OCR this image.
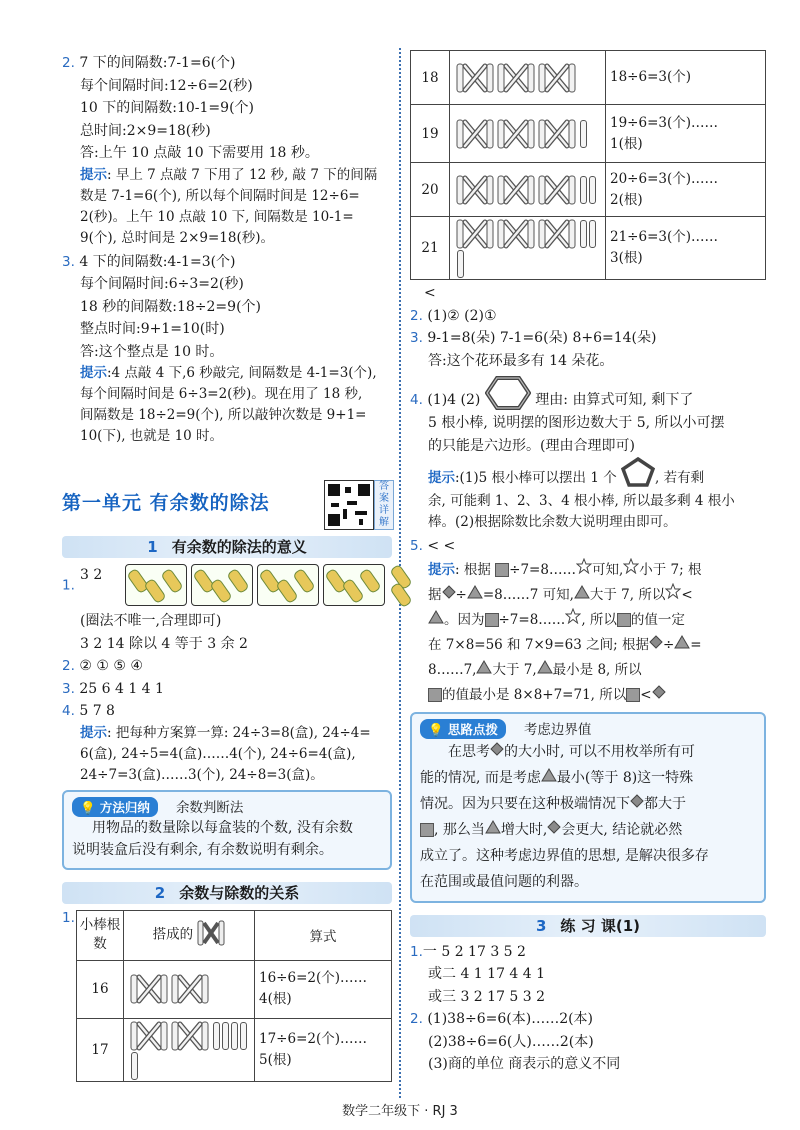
2. 7 下的间隔数:7-1=6(个)
每个间隔时间:12÷6=2(秒)
10 下的间隔数:10-1=9(个)
总时间:2×9=18(秒)
答:上午 10 点敲 10 下需要用 18 秒。
提示: 早上 7 点敲 7 下用了 12 秒, 敲 7 下的间隔
数是 7-1=6(个), 所以每个间隔时间是 12÷6=
2(秒)。上午 10 点敲 10 下, 间隔数是 10-1=
9(个), 总时间是 2×9=18(秒)。
3. 4 下的间隔数:4-1=3(个)
每个间隔时间:6÷3=2(秒)
18 秒的间隔数:18÷2=9(个)
整点时间:9+1=10(时)
答:这个整点是 10 时。
提示:4 点敲 4 下,6 秒敲完, 间隔数是 4-1=3(个),
每个间隔时间是 6÷3=2(秒)。现在用了 18 秒,
间隔数是 18÷2=9(个), 所以敲钟次数是 9+1=
10(下), 也就是 10 时。
第一单元 有余数的除法
答案详解
1 有余数的除法的意义
1. 3 2
(圈法不唯一,合理即可)
3 2 14 除以 4 等于 3 余 2
2. ② ① ⑤ ④
3. 25 6 4 1 4 1
4. 5 7 8
提示: 把每种方案算一算: 24÷3=8(盒), 24÷4=
6(盒), 24÷5=4(盒)……4(个), 24÷6=4(盒),
24÷7=3(盒)……3(个), 24÷8=3(盒)。
💡 方法归纳 余数判断法
用物品的数量除以每盒装的个数, 没有余数
说明装盒后没有剩余, 有余数说明有剩余。
2 余数与除数的关系
1. 小棒根数	搭成的	算式
16		16÷6=2(个)……
4(根)

17		17÷6=2(个)……
5(根)
18		18÷6=3(个)

19		19÷6=3(个)……
1(根)

20		20÷6=3(个)……
2(根)

21		21÷6=3(个)……
3(根)
<
2. (1)② (2)①
3. 9-1=8(朵) 7-1=6(朵) 8+6=14(朵)
答:这个花环最多有 14 朵花。
4. (1)4 (2)	理由: 由算式可知, 剩下了
5 根小棒, 说明摆的图形边数大于 5, 所以小可摆
的只能是六边形。(理由合理即可)
提示:(1)5 根小棒可以摆出 1 个	, 若有剩
余, 可能剩 1、2、3、4 根小棒, 所以最多剩 4 根小
棒。(2)根据除数比余数大说明理由即可。
5. < <
提示: 根据 ÷7=8…… 可知, 小于 7; 根
据 ÷ =8……7 可知, 大于 7, 所以 <
。因为 ÷7=8…… , 所以 的值一定
在 7×8=56 和 7×9=63 之间; 根据 ÷ =
8……7, 大于 7, 最小是 8, 所以
的值最小是 8×8+7=71, 所以 <
💡 思路点拨 考虑边界值
在思考 的大小时, 可以不用枚举所有可
能的情况, 而是考虑 最小(等于 8)这一特殊
情况。因为只要在这种极端情况下 都大于
, 那么当 增大时, 会更大, 结论就必然
成立了。这种考虑边界值的思想, 是解决很多存
在范围或最值问题的利器。
3 练 习 课(1)
1.一 5 2 17 3 5 2
或二 4 1 17 4 4 1
或三 3 2 17 5 3 2
2. (1)38÷6=6(本)……2(本)
(2)38÷6=6(人)……2(本)
(3)商的单位 商表示的意义不同
数学二年级下 · RJ 3
